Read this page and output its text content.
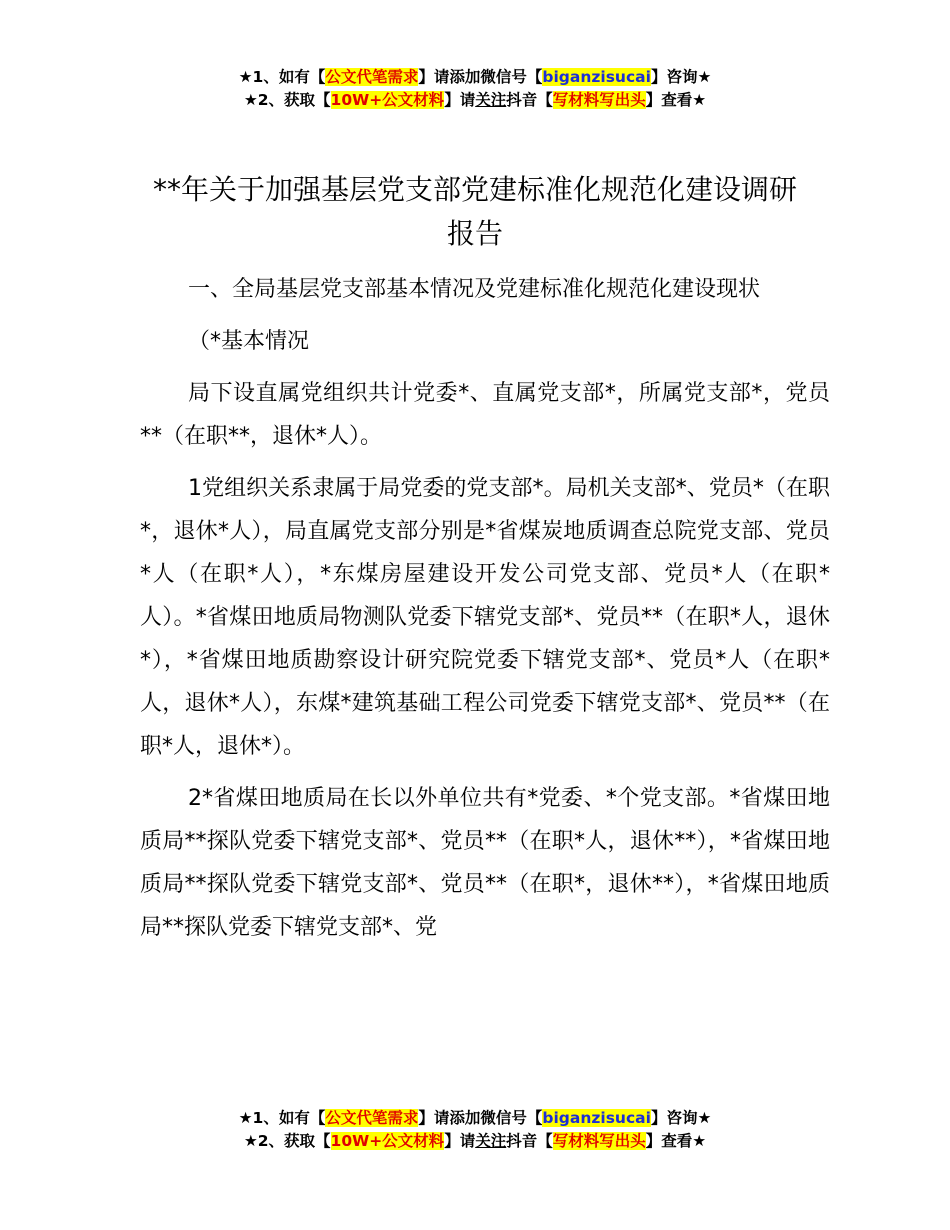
★1、如有【公文代笔需求】请添加微信号【biganzisucai】咨询★
★2、获取【10W+公文材料】请关注抖音【写材料写出头】查看★
**年关于加强基层党支部党建标准化规范化建设调研报告

一、全局基层党支部基本情况及党建标准化规范化建设现状

（*基本情况

局下设直属党组织共计党委*、直属党支部*，所属党支部*，党员**（在职**，退休*人）。

1党组织关系隶属于局党委的党支部*。局机关支部*、党员*（在职*，退休*人），局直属党支部分别是*省煤炭地质调查总院党支部、党员*人（在职*人），*东煤房屋建设开发公司党支部、党员*人（在职*人）。*省煤田地质局物测队党委下辖党支部*、党员**（在职*人，退休*），*省煤田地质勘察设计研究院党委下辖党支部*、党员*人（在职*人，退休*人），东煤*建筑基础工程公司党委下辖党支部*、党员**（在职*人，退休*）。

2*省煤田地质局在长以外单位共有*党委、*个党支部。*省煤田地质局**探队党委下辖党支部*、党员**（在职*人，退休**），*省煤田地质局**探队党委下辖党支部*、党员**（在职*，退休**），*省煤田地质局**探队党委下辖党支部*、党

★1、如有【公文代笔需求】请添加微信号【biganzisucai】咨询★
★2、获取【10W+公文材料】请关注抖音【写材料写出头】查看★
